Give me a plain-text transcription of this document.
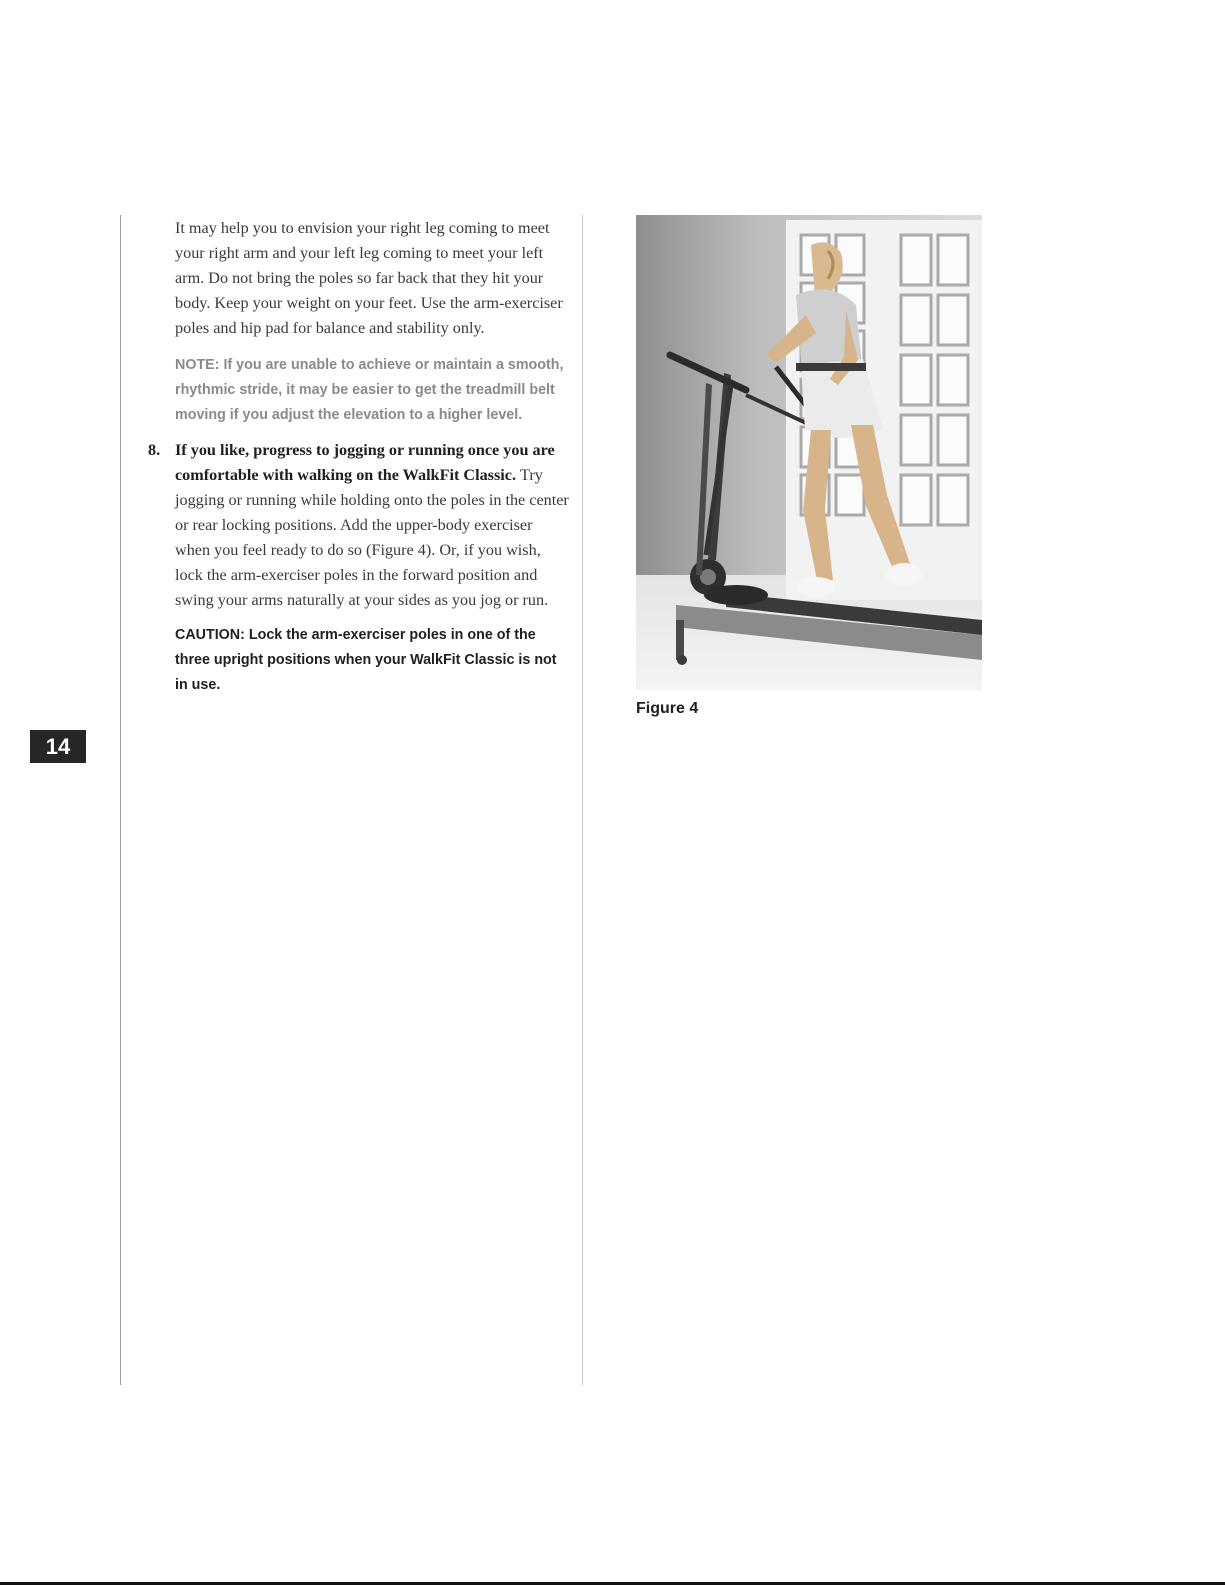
14

It may help you to envision your right leg coming to meet your right arm and your left leg coming to meet your left arm. Do not bring the poles so far back that they hit your body. Keep your weight on your feet. Use the arm-exerciser poles and hip pad for balance and stability only.

NOTE: If you are unable to achieve or maintain a smooth, rhythmic stride, it may be easier to get the treadmill belt moving if you adjust the elevation to a higher level.

8. If you like, progress to jogging or running once you are comfortable with walking on the WalkFit Classic. Try jogging or running while holding onto the poles in the center or rear locking positions. Add the upper-body exerciser when you feel ready to do so (Figure 4). Or, if you wish, lock the arm-exerciser poles in the forward position and swing your arms naturally at your sides as you jog or run.

CAUTION: Lock the arm-exerciser poles in one of the three upright positions when your WalkFit Classic is not in use.

Figure 4
